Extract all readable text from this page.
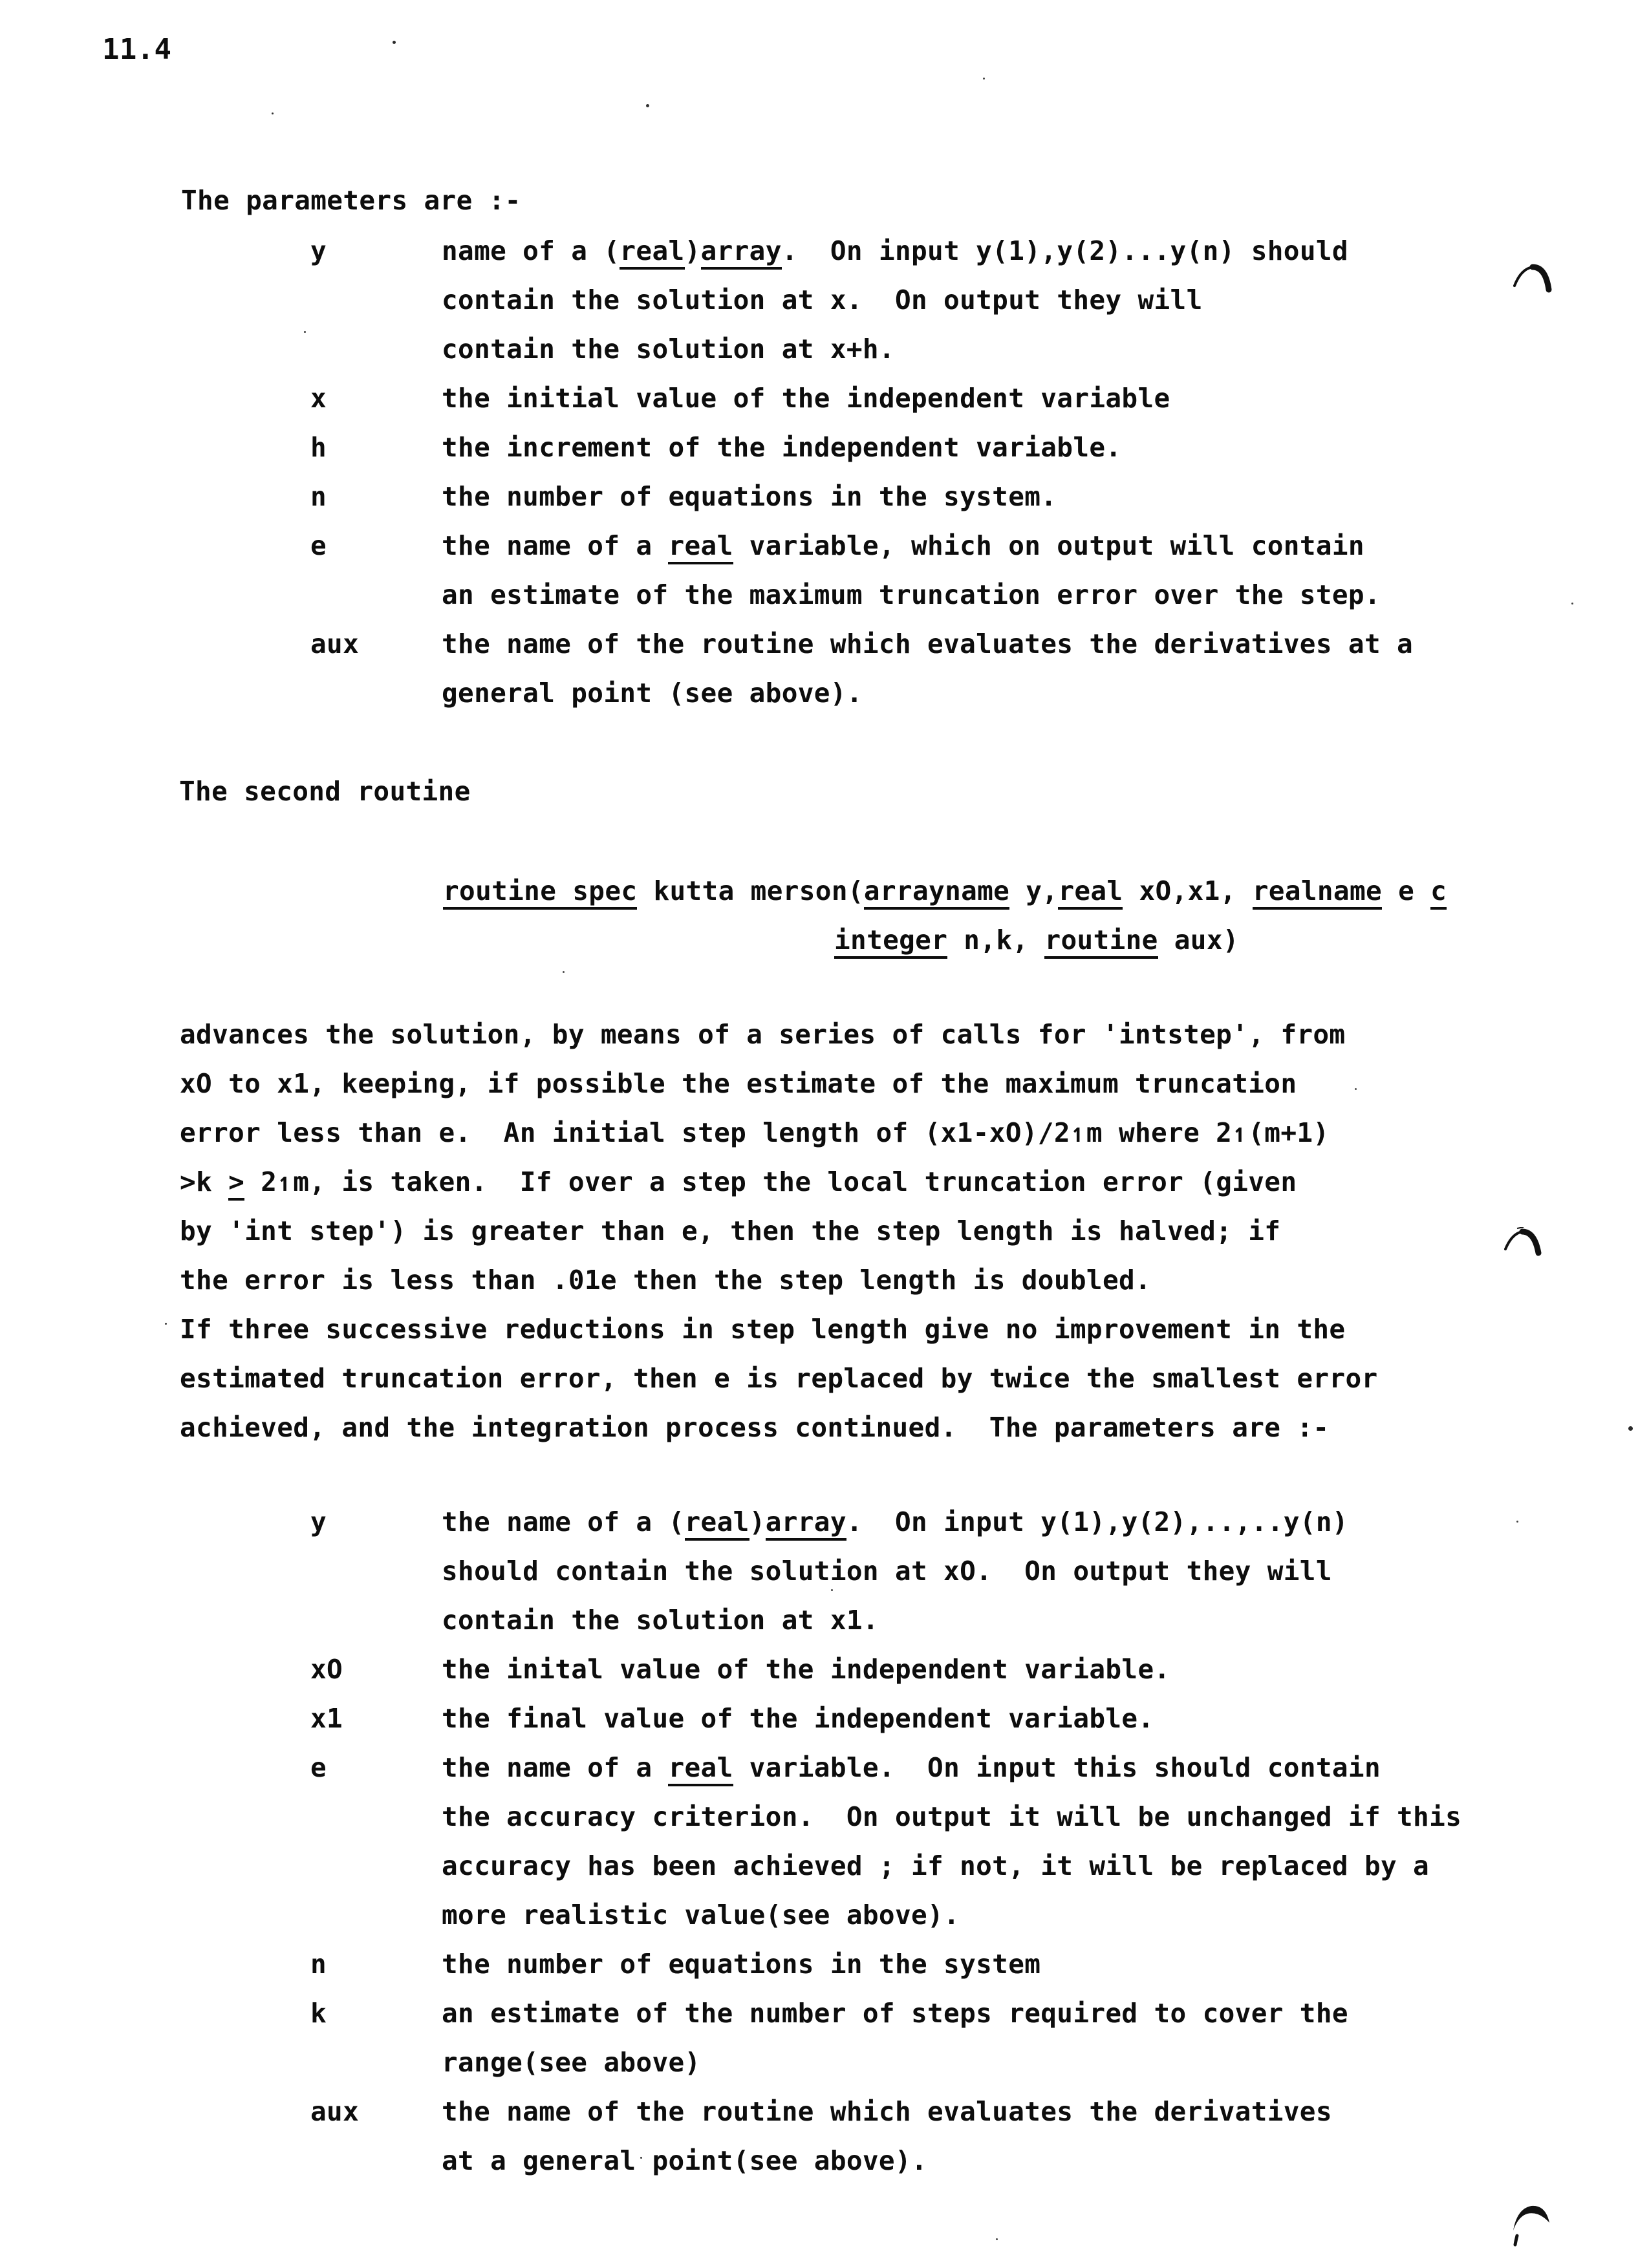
11.4
The parameters are :-
y	name of a (real)array.  On input y(1),y(2)...y(n) should
contain the solution at x.  On output they will
contain the solution at x+h.
x	the initial value of the independent variable
h	the increment of the independent variable.
n	the number of equations in the system.
e	the name of a real variable, which on output will contain
an estimate of the maximum truncation error over the step.
aux	the name of the routine which evaluates the derivatives at a
general point (see above).
The second routine
routine spec kutta merson(arrayname y,real xO,x1, realname e c
integer n,k, routine aux)
advances the solution, by means of a series of calls for 'intstep', from
xO to x1, keeping, if possible the estimate of the maximum truncation
error less than e.  An initial step length of (x1-xO)/2↿m where 2↿(m+1)
>k > 2↿m, is taken.  If over a step the local truncation error (given
by 'int step') is greater than e, then the step length is halved; if
the error is less than .01e then the step length is doubled.
If three successive reductions in step length give no improvement in the
estimated truncation error, then e is replaced by twice the smallest error
achieved, and the integration process continued.  The parameters are :-
y	the name of a (real)array.  On input y(1),y(2),..,..y(n)
should contain the solution at xO.  On output they will
contain the solution at x1.
xO	the inital value of the independent variable.
x1	the final value of the independent variable.
e	the name of a real variable.  On input this should contain
the accuracy criterion.  On output it will be unchanged if this
accuracy has been achieved ; if not, it will be replaced by a
more realistic value(see above).
n	the number of equations in the system
k	an estimate of the number of steps required to cover the
range(see above)
aux	the name of the routine which evaluates the derivatives
at a general point(see above).
